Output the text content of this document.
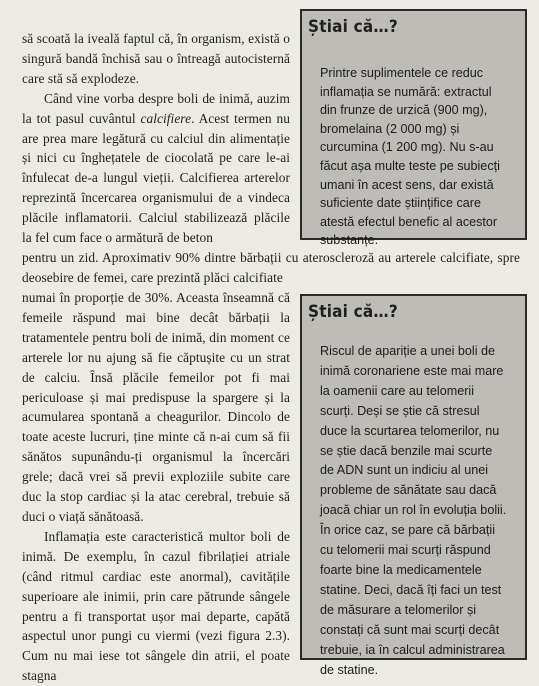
să scoată la iveală faptul că, în organism, există o singură bandă închisă sau o întreagă autocisternă care stă să explodeze.

Când vine vorba despre boli de inimă, auzim la tot pasul cuvântul calcifiere. Acest termen nu are prea mare legătură cu calciul din alimentație și nici cu înghețatele de ciocolată pe care le-ai înfulecat de-a lungul vieții. Calcifierea arterelor reprezintă încercarea organismului de a vindeca plăcile inflamatorii. Calciul stabilizează plăcile la fel cum face o armătură de beton

pentru un zid. Aproximativ 90% dintre bărbații cu ateroscleroză au arterele calcifiate, spre deosebire de femei, care prezintă plăci calcifiate

numai în proporție de 30%. Aceasta înseamnă că femeile răspund mai bine decât bărbații la tratamentele pentru boli de inimă, din moment ce arterele lor nu ajung să fie căptușite cu un strat de calciu. Însă plăcile femeilor pot fi mai periculoase și mai predispuse la spargere și la acumularea spontană a cheagurilor. Dincolo de toate aceste lucruri, ține minte că n-ai cum să fii sănătos supunându-ți organismul la încercări grele; dacă vrei să previi exploziile subite care duc la stop cardiac și la atac cerebral, trebuie să duci o viață sănătoasă.

Inflamația este caracteristică multor boli de inimă. De exemplu, în cazul fibrilației atriale (când ritmul cardiac este anormal), cavitățile superioare ale inimii, prin care pătrunde sângele pentru a fi transportat ușor mai departe, capătă aspectul unor pungi cu viermi (vezi figura 2.3). Cum nu mai iese tot sângele din atrii, el poate stagna

Știai că…?
Printre suplimentele ce reduc inflamația se numără: extractul din frunze de urzică (900 mg), bromelaina (2 000 mg) și curcumina (1 200 mg). Nu s-au făcut așa multe teste pe subiecți umani în acest sens, dar există suficiente date științifice care atestă efectul benefic al acestor substanțe.
Știai că…?
Riscul de apariție a unei boli de inimă coronariene este mai mare la oamenii care au telomerii scurți. Deși se știe că stresul duce la scurtarea telomerilor, nu se știe dacă benzile mai scurte de ADN sunt un indiciu al unei probleme de sănătate sau dacă joacă chiar un rol în evoluția bolii. În orice caz, se pare că bărbații cu telomerii mai scurți răspund foarte bine la medicamentele statine. Deci, dacă îți faci un test de măsurare a telomerilor și constați că sunt mai scurți decât trebuie, ia în calcul administrarea de statine.
